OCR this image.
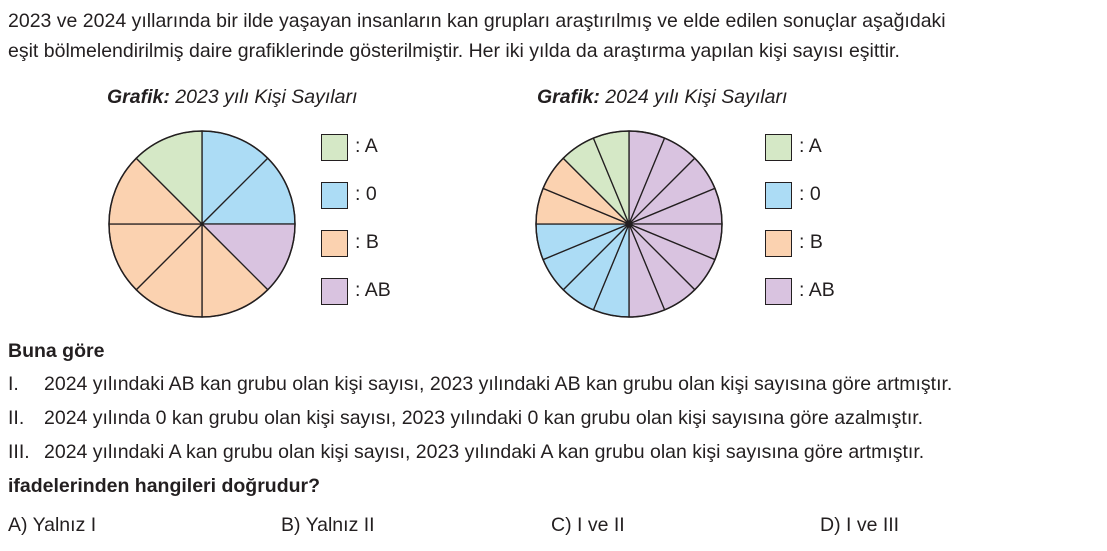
2023 ve 2024 yıllarında bir ilde yaşayan insanların kan grupları araştırılmış ve elde edilen sonuçlar aşağıdaki

eşit bölmelendirilmiş daire grafiklerinde gösterilmiştir. Her iki yılda da araştırma yapılan kişi sayısı eşittir.

Grafik: 2023 yılı Kişi Sayıları
: A
: 0
: B
: AB
Grafik: 2024 yılı Kişi Sayıları
: A
: 0
: B
: AB
Buna göre
I. 2024 yılındaki AB kan grubu olan kişi sayısı, 2023 yılındaki AB kan grubu olan kişi sayısına göre artmıştır.
II. 2024 yılında 0 kan grubu olan kişi sayısı, 2023 yılındaki 0 kan grubu olan kişi sayısına göre azalmıştır.
III. 2024 yılındaki A kan grubu olan kişi sayısı, 2023 yılındaki A kan grubu olan kişi sayısına göre artmıştır.
ifadelerinden hangileri doğrudur?
A) Yalnız I	B) Yalnız II	C) I ve II	D) I ve III
